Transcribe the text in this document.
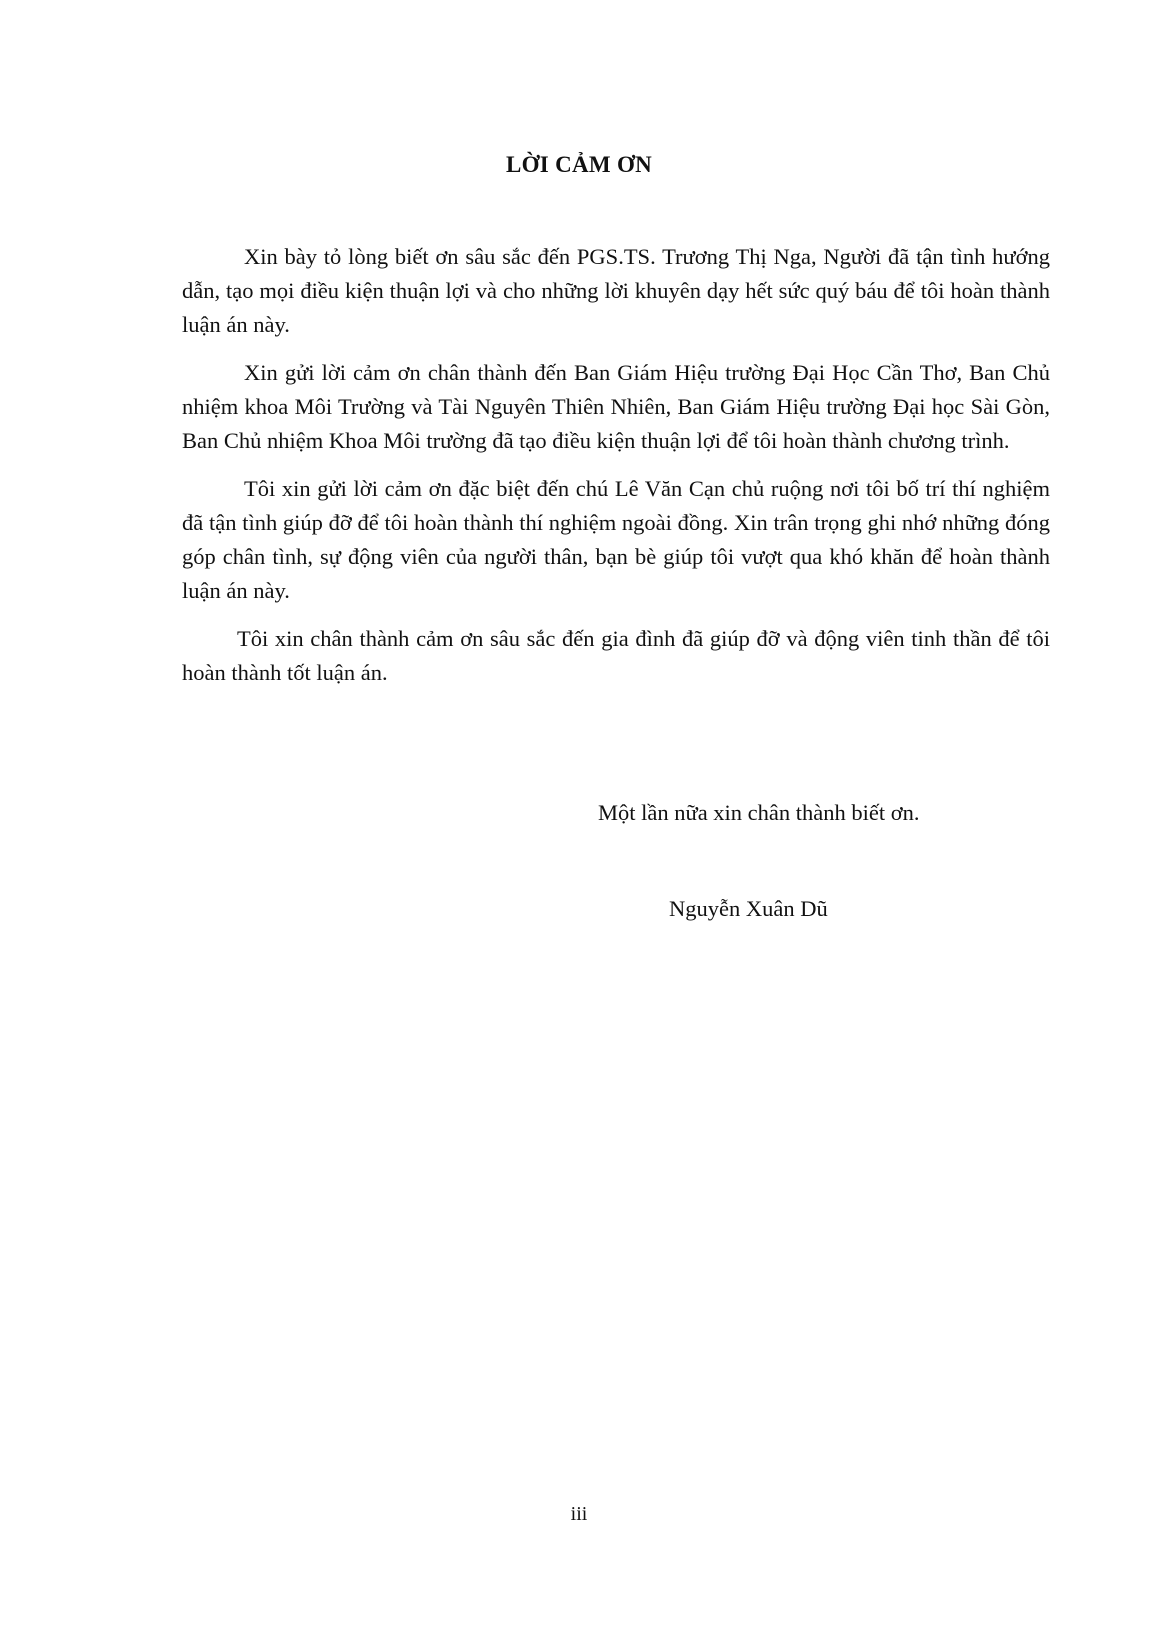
LỜI CẢM ƠN

Xin bày tỏ lòng biết ơn sâu sắc đến PGS.TS. Trương Thị Nga, Người đã tận tình hướng dẫn, tạo mọi điều kiện thuận lợi và cho những lời khuyên dạy hết sức quý báu để tôi hoàn thành luận án này.

Xin gửi lời cảm ơn chân thành đến Ban Giám Hiệu trường Đại Học Cần Thơ, Ban Chủ nhiệm khoa Môi Trường và Tài Nguyên Thiên Nhiên, Ban Giám Hiệu trường Đại học Sài Gòn, Ban Chủ nhiệm Khoa Môi trường đã tạo điều kiện thuận lợi để tôi hoàn thành chương trình.

Tôi xin gửi lời cảm ơn đặc biệt đến chú Lê Văn Cạn chủ ruộng nơi tôi bố trí thí nghiệm đã tận tình giúp đỡ để tôi hoàn thành thí nghiệm ngoài đồng. Xin trân trọng ghi nhớ những đóng góp chân tình, sự động viên của người thân, bạn bè giúp tôi vượt qua khó khăn để hoàn thành luận án này.

Tôi xin chân thành cảm ơn sâu sắc đến gia đình đã giúp đỡ và động viên tinh thần để tôi hoàn thành tốt luận án.

Một lần nữa xin chân thành biết ơn.
Nguyễn Xuân Dũ
iii
